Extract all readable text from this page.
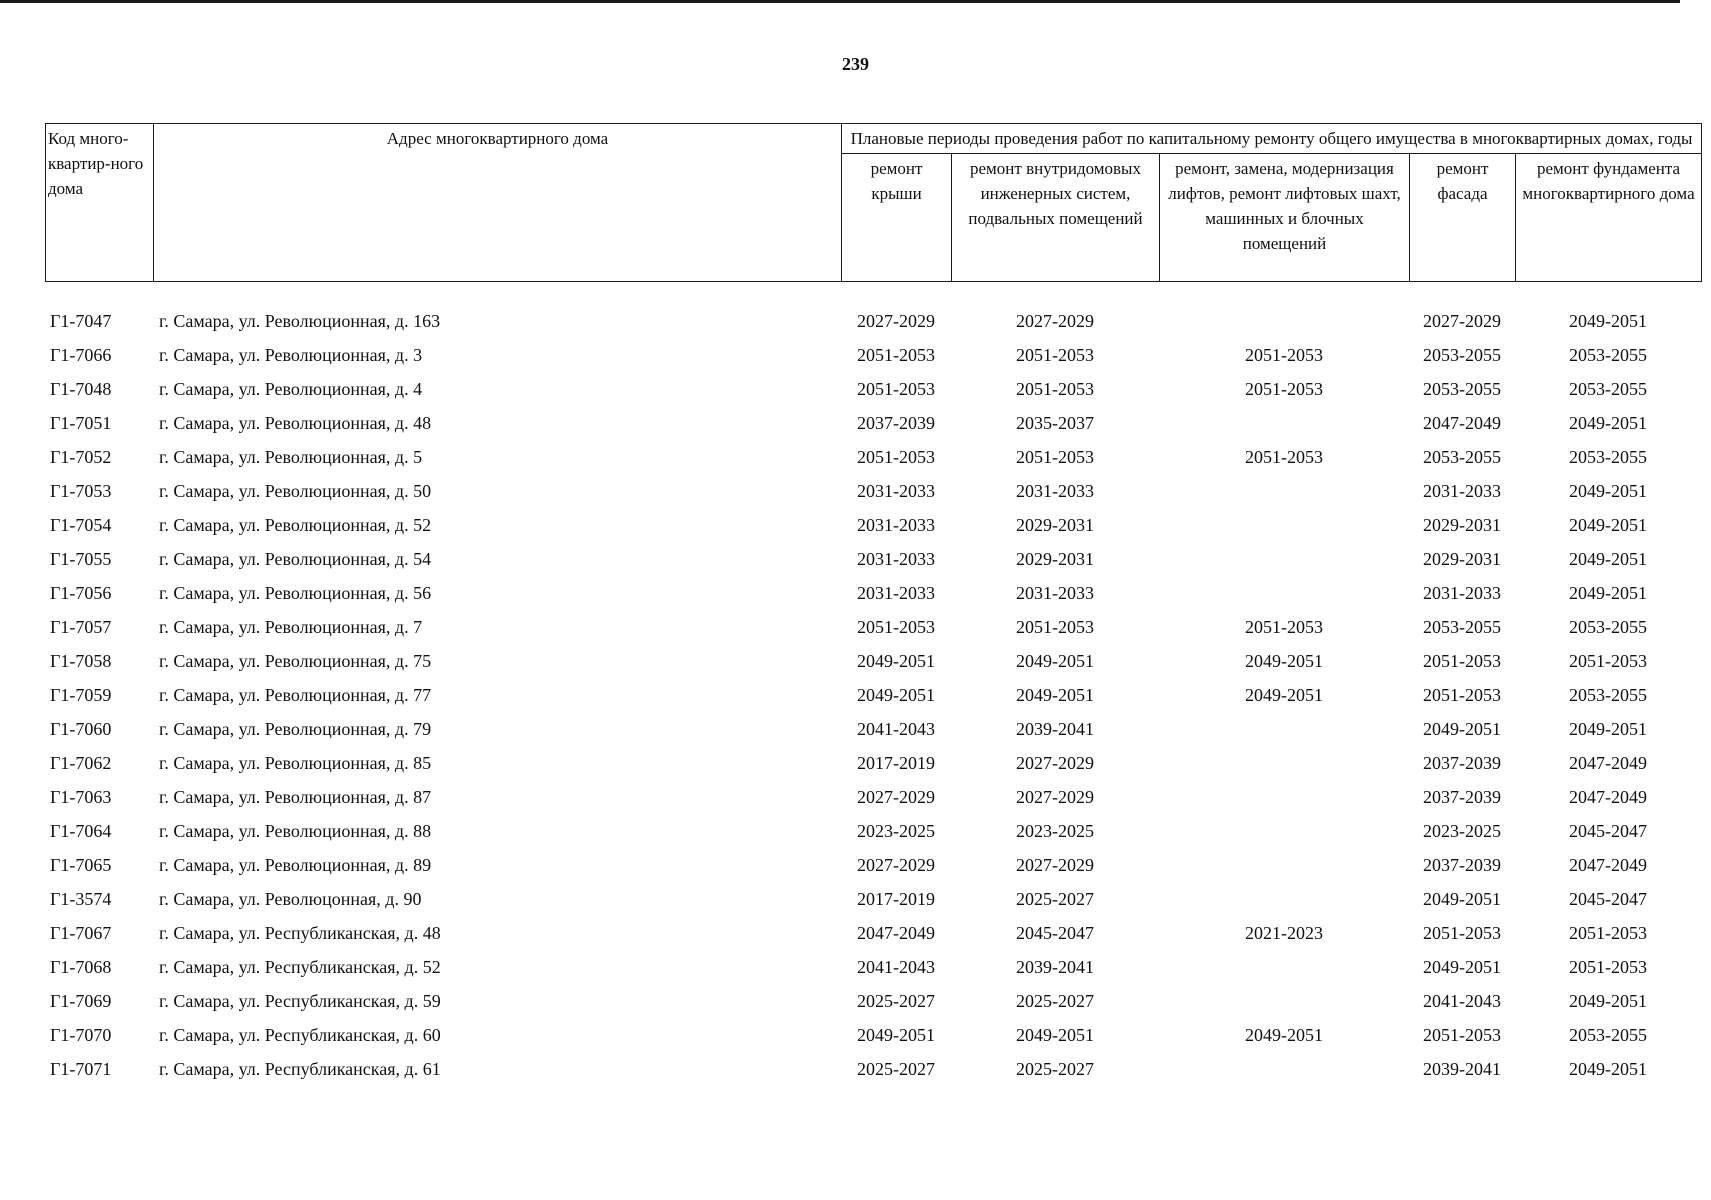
239
Код много-квартир-ного дома	Адрес многоквартирного дома	Плановые периоды проведения работ по капитальному ремонту общего имущества в многоквартирных домах, годы				
		ремонт крыши	ремонт внутридомовых инженерных систем, подвальных помещений	ремонт, замена, модернизация лифтов, ремонт лифтовых шахт, машинных и блочных помещений	ремонт фасада	ремонт фундамента многоквартирного дома
Г1-7047	г. Самара, ул. Революционная, д. 163	2027-2029	2027-2029		2027-2029	2049-2051
Г1-7066	г. Самара, ул. Революционная, д. 3	2051-2053	2051-2053	2051-2053	2053-2055	2053-2055
Г1-7048	г. Самара, ул. Революционная, д. 4	2051-2053	2051-2053	2051-2053	2053-2055	2053-2055
Г1-7051	г. Самара, ул. Революционная, д. 48	2037-2039	2035-2037		2047-2049	2049-2051
Г1-7052	г. Самара, ул. Революционная, д. 5	2051-2053	2051-2053	2051-2053	2053-2055	2053-2055
Г1-7053	г. Самара, ул. Революционная, д. 50	2031-2033	2031-2033		2031-2033	2049-2051
Г1-7054	г. Самара, ул. Революционная, д. 52	2031-2033	2029-2031		2029-2031	2049-2051
Г1-7055	г. Самара, ул. Революционная, д. 54	2031-2033	2029-2031		2029-2031	2049-2051
Г1-7056	г. Самара, ул. Революционная, д. 56	2031-2033	2031-2033		2031-2033	2049-2051
Г1-7057	г. Самара, ул. Революционная, д. 7	2051-2053	2051-2053	2051-2053	2053-2055	2053-2055
Г1-7058	г. Самара, ул. Революционная, д. 75	2049-2051	2049-2051	2049-2051	2051-2053	2051-2053
Г1-7059	г. Самара, ул. Революционная, д. 77	2049-2051	2049-2051	2049-2051	2051-2053	2053-2055
Г1-7060	г. Самара, ул. Революционная, д. 79	2041-2043	2039-2041		2049-2051	2049-2051
Г1-7062	г. Самара, ул. Революционная, д. 85	2017-2019	2027-2029		2037-2039	2047-2049
Г1-7063	г. Самара, ул. Революционная, д. 87	2027-2029	2027-2029		2037-2039	2047-2049
Г1-7064	г. Самара, ул. Революционная, д. 88	2023-2025	2023-2025		2023-2025	2045-2047
Г1-7065	г. Самара, ул. Революционная, д. 89	2027-2029	2027-2029		2037-2039	2047-2049
Г1-3574	г. Самара, ул. Революцонная, д. 90	2017-2019	2025-2027		2049-2051	2045-2047
Г1-7067	г. Самара, ул. Республиканская, д. 48	2047-2049	2045-2047	2021-2023	2051-2053	2051-2053
Г1-7068	г. Самара, ул. Республиканская, д. 52	2041-2043	2039-2041		2049-2051	2051-2053
Г1-7069	г. Самара, ул. Республиканская, д. 59	2025-2027	2025-2027		2041-2043	2049-2051
Г1-7070	г. Самара, ул. Республиканская, д. 60	2049-2051	2049-2051	2049-2051	2051-2053	2053-2055
Г1-7071	г. Самара, ул. Республиканская, д. 61	2025-2027	2025-2027		2039-2041	2049-2051
